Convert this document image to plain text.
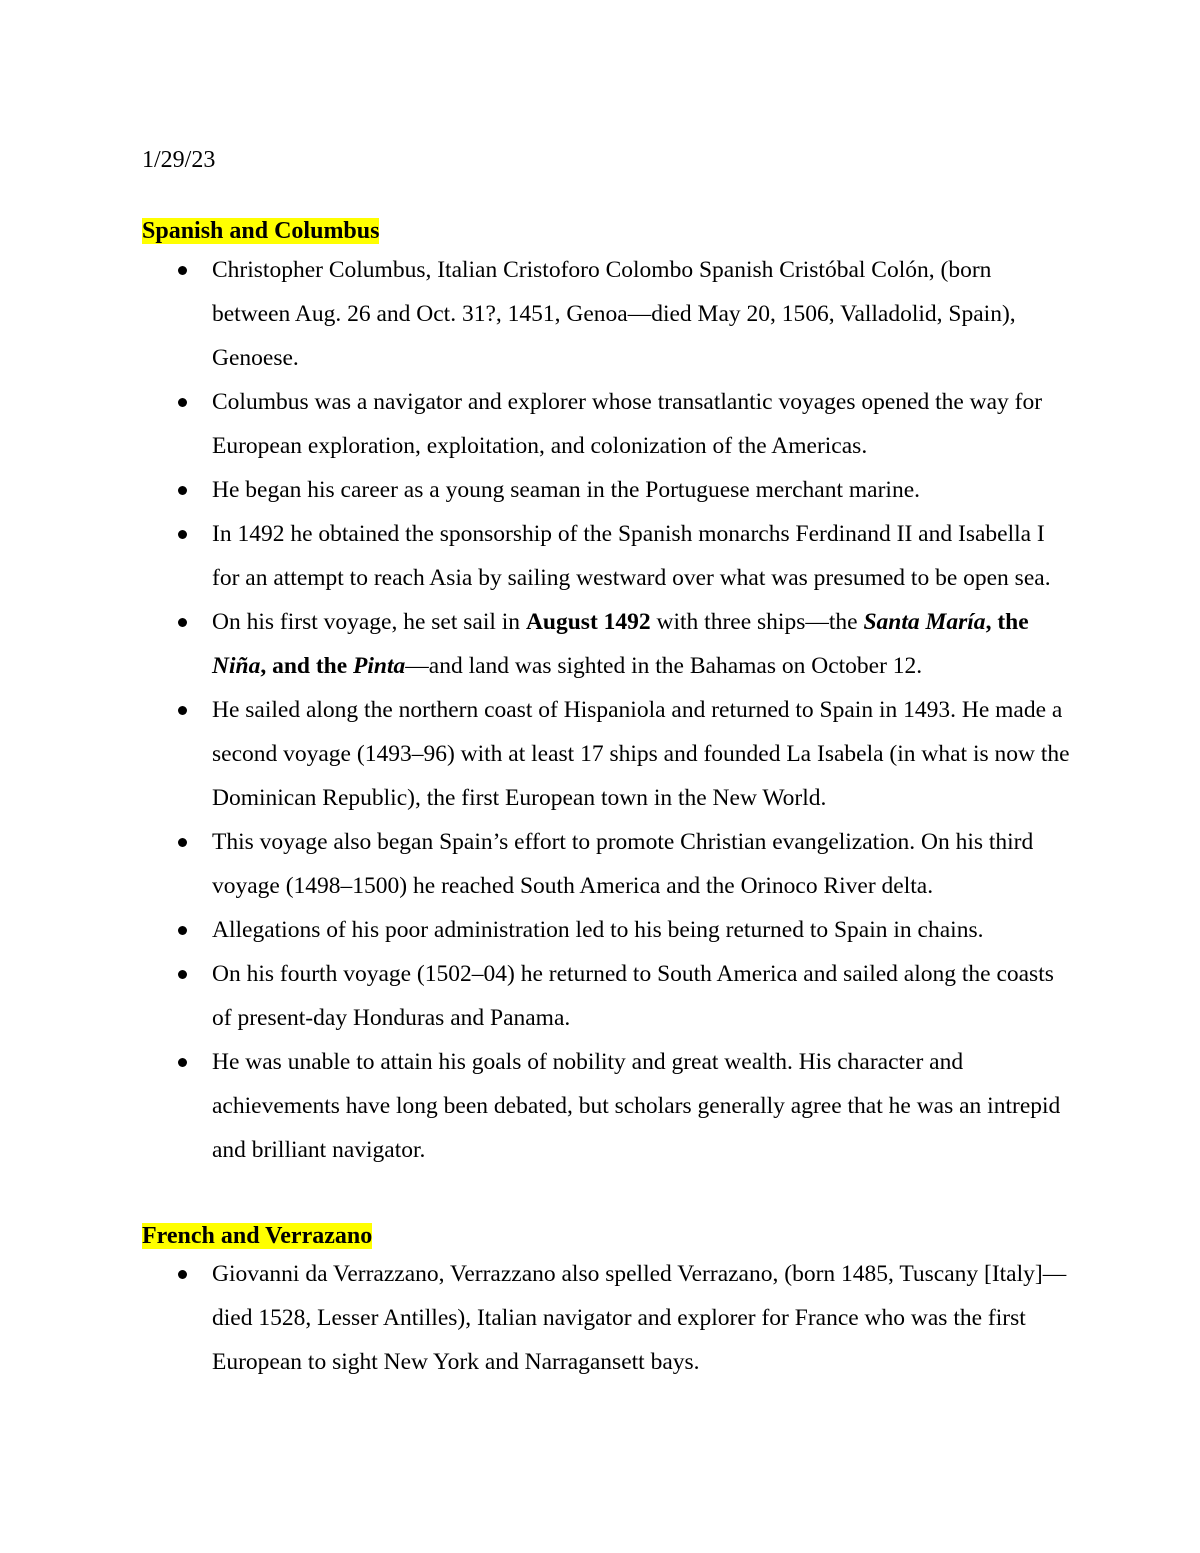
1/29/23
Spanish and Columbus
Christopher Columbus, Italian Cristoforo Colombo Spanish Cristóbal Colón, (born between Aug. 26 and Oct. 31?, 1451, Genoa—died May 20, 1506, Valladolid, Spain), Genoese.
Columbus was a navigator and explorer whose transatlantic voyages opened the way for European exploration, exploitation, and colonization of the Americas.
He began his career as a young seaman in the Portuguese merchant marine.
In 1492 he obtained the sponsorship of the Spanish monarchs Ferdinand II and Isabella I for an attempt to reach Asia by sailing westward over what was presumed to be open sea.
On his first voyage, he set sail in August 1492 with three ships—the Santa María, the Niña, and the Pinta—and land was sighted in the Bahamas on October 12.
He sailed along the northern coast of Hispaniola and returned to Spain in 1493. He made a second voyage (1493–96) with at least 17 ships and founded La Isabela (in what is now the Dominican Republic), the first European town in the New World.
This voyage also began Spain’s effort to promote Christian evangelization. On his third voyage (1498–1500) he reached South America and the Orinoco River delta.
Allegations of his poor administration led to his being returned to Spain in chains.
On his fourth voyage (1502–04) he returned to South America and sailed along the coasts of present-day Honduras and Panama.
He was unable to attain his goals of nobility and great wealth. His character and achievements have long been debated, but scholars generally agree that he was an intrepid and brilliant navigator.
French and Verrazano
Giovanni da Verrazzano, Verrazzano also spelled Verrazano, (born 1485, Tuscany [Italy]—died 1528, Lesser Antilles), Italian navigator and explorer for France who was the first European to sight New York and Narragansett bays.
